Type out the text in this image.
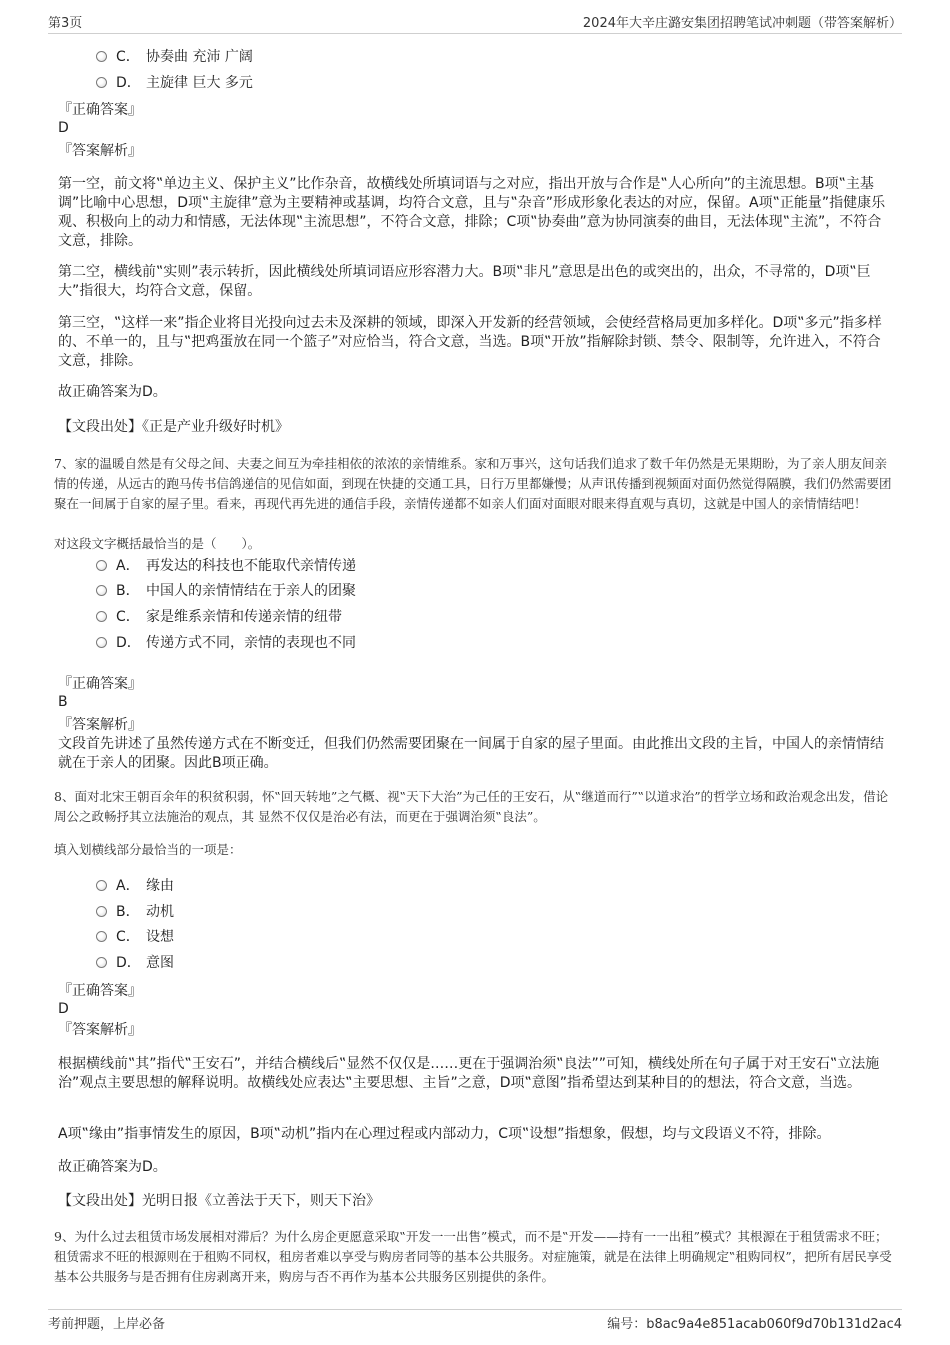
第3页	2024年大辛庄潞安集团招聘笔试冲刺题（带答案解析）
C． 协奏曲 充沛 广阔
D． 主旋律 巨大 多元
『正确答案』
D
『答案解析』
第一空，前文将‟单边主义、保护主义”比作杂音，故横线处所填词语与之对应，指出开放与合作是‟人心所向”的主流思想。B项‟主基调”比喻中心思想，D项‟主旋律”意为主要精神或基调，均符合文意，且与‟杂音”形成形象化表达的对应，保留。A项‟正能量”指健康乐观、积极向上的动力和情感，无法体现‟主流思想”，不符合文意，排除；C项‟协奏曲”意为协同演奏的曲目，无法体现‟主流”，不符合文意，排除。
第二空，横线前‟实则”表示转折，因此横线处所填词语应形容潜力大。B项‟非凡”意思是出色的或突出的，出众，不寻常的，D项‟巨大”指很大，均符合文意，保留。
第三空，‟这样一来”指企业将目光投向过去未及深耕的领域，即深入开发新的经营领域，会使经营格局更加多样化。D项‟多元”指多样的、不单一的，且与‟把鸡蛋放在同一个篮子”对应恰当，符合文意，当选。B项‟开放”指解除封锁、禁令、限制等，允许进入，不符合文意，排除。
故正确答案为D。
【文段出处】《正是产业升级好时机》
7、家的温暖自然是有父母之间、夫妻之间互为牵挂相依的浓浓的亲情维系。家和万事兴，这句话我们追求了数千年仍然是无果期盼，为了亲人朋友间亲情的传递，从远古的跑马传书信鸽递信的见信如面，到现在快捷的交通工具，日行万里都嫌慢；从声讯传播到视频面对面仍然觉得隔膜，我们仍然需要团聚在一间属于自家的屋子里。看来，再现代再先进的通信手段，亲情传递都不如亲人们面对面眼对眼来得直观与真切，这就是中国人的亲情情结吧！
对这段文字概括最恰当的是（　　）。
A． 再发达的科技也不能取代亲情传递
B． 中国人的亲情情结在于亲人的团聚
C． 家是维系亲情和传递亲情的纽带
D． 传递方式不同，亲情的表现也不同
『正确答案』
B
『答案解析』
文段首先讲述了虽然传递方式在不断变迁，但我们仍然需要团聚在一间属于自家的屋子里面。由此推出文段的主旨，中国人的亲情情结就在于亲人的团聚。因此B项正确。
8、面对北宋王朝百余年的积贫积弱，怀‟回天转地”之气概、视‟天下大治”为己任的王安石，从‟继道而行”‟以道求治”的哲学立场和政治观念出发，借论周公之政畅抒其立法施治的观点，其 显然不仅仅是治必有法，而更在于强调治须‟良法”。
填入划横线部分最恰当的一项是：
A． 缘由
B． 动机
C． 设想
D． 意图
『正确答案』
D
『答案解析』
根据横线前‟其”指代‟王安石”，并结合横线后‟显然不仅仅是……更在于强调治须‟良法””可知，横线处所在句子属于对王安石‟立法施治”观点主要思想的解释说明。故横线处应表达‟主要思想、主旨”之意，D项‟意图”指希望达到某种目的的想法，符合文意，当选。
A项‟缘由”指事情发生的原因，B项‟动机”指内在心理过程或内部动力，C项‟设想”指想象，假想，均与文段语义不符，排除。
故正确答案为D。
【文段出处】光明日报《立善法于天下，则天下治》
9、为什么过去租赁市场发展相对滞后？为什么房企更愿意采取‟开发一一出售”模式，而不是‟开发——持有一一出租”模式？其根源在于租赁需求不旺；租赁需求不旺的根源则在于租购不同权，租房者难以享受与购房者同等的基本公共服务。对症施策，就是在法律上明确规定‟租购同权”，把所有居民享受基本公共服务与是否拥有住房剥离开来，购房与否不再作为基本公共服务区别提供的条件。
考前押题，上岸必备	编号：b8ac9a4e851acab060f9d70b131d2ac4
